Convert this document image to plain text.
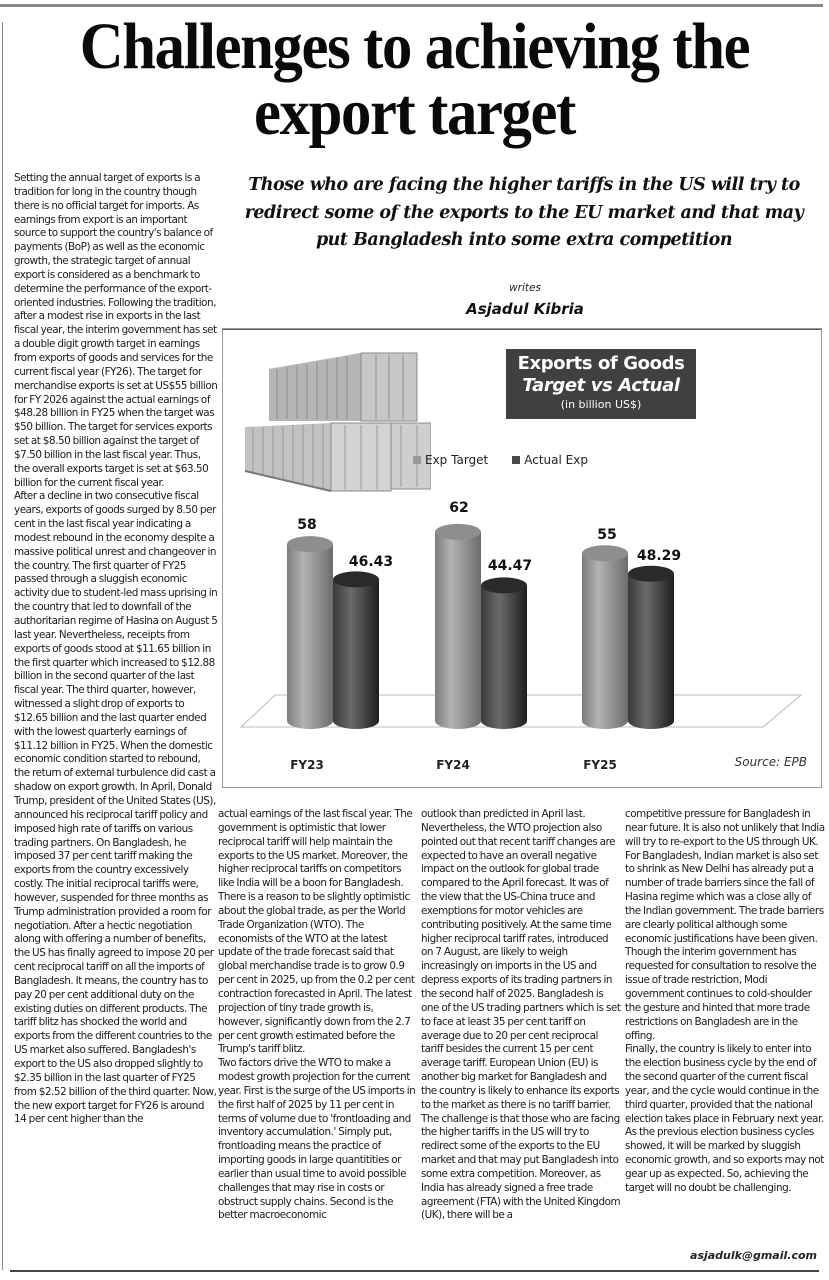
Challenges to achieving the
export target

Setting the annual target of exports is a tradition for long in the country though there is no official target for imports. As earnings from export is an important source to support the country's balance of payments (BoP) as well as the economic growth, the strategic target of annual export is considered as a benchmark to determine the performance of the export-oriented industries. Following the tradition, after a modest rise in exports in the last fiscal year, the interim government has set a double digit growth target in earnings from exports of goods and services for the current fiscal year (FY26). The target for merchandise exports is set at US$55 billion for FY 2026 against the actual earnings of $48.28 billion in FY25 when the target was $50 billion. The target for services exports set at $8.50 billion against the target of $7.50 billion in the last fiscal year. Thus, the overall exports target is set at $63.50 billion for the current fiscal year.

After a decline in two consecutive fiscal years, exports of goods surged by 8.50 per cent in the last fiscal year indicating a modest rebound in the economy despite a massive political unrest and changeover in the country. The first quarter of FY25 passed through a sluggish economic activity due to student-led mass uprising in the country that led to downfall of the authoritarian regime of Hasina on August 5 last year. Nevertheless, receipts from exports of goods stood at $11.65 billion in the first quarter which increased to $12.88 billion in the second quarter of the last fiscal year. The third quarter, however, witnessed a slight drop of exports to $12.65 billion and the last quarter ended with the lowest quarterly earnings of $11.12 billion in FY25. When the domestic economic condition started to rebound, the return of external turbulence did cast a shadow on export growth. In April, Donald Trump, president of the United States (US), announced his reciprocal tariff policy and imposed high rate of tariffs on various trading partners. On Bangladesh, he imposed 37 per cent tariff making the exports from the country excessively costly. The initial reciprocal tariffs were, however, suspended for three months as Trump administration provided a room for negotiation. After a hectic negotiation along with offering a number of benefits, the US has finally agreed to impose 20 per cent reciprocal tariff on all the imports of Bangladesh. It means, the country has to pay 20 per cent additional duty on the existing duties on different products. The tariff blitz has shocked the world and exports from the different countries to the US market also suffered. Bangladesh's export to the US also dropped slightly to $2.35 billion in the last quarter of FY25 from $2.52 billion of the third quarter. Now, the new export target for FY26 is around 14 per cent higher than the

Those who are facing the higher tariffs in the US will try to redirect some of the exports to the EU market and that may put Bangladesh into some extra competition
writes
Asjadul Kibria
Exports of Goods
Target vs Actual
(in billion US$)
Exp Target	Actual Exp
FY23	FY24	FY25
58
46.43
62
44.47
55
48.29
Source: EPB

actual earnings of the last fiscal year. The government is optimistic that lower reciprocal tariff will help maintain the exports to the US market. Moreover, the higher reciprocal tariffs on competitors like India will be a boon for Bangladesh. There is a reason to be slightly optimistic about the global trade, as per the World Trade Organization (WTO). The economists of the WTO at the latest update of the trade forecast said that global merchandise trade is to grow 0.9 per cent in 2025, up from the 0.2 per cent contraction forecasted in April. The latest projection of tiny trade growth is, however, significantly down from the 2.7 per cent growth estimated before the Trump's tariff blitz.

Two factors drive the WTO to make a modest growth projection for the current year. First is the surge of the US imports in the first half of 2025 by 11 per cent in terms of volume due to 'frontloading and inventory accumulation.' Simply put, frontloading means the practice of importing goods in large quantitities or earlier than usual time to avoid possible challenges that may rise in costs or obstruct supply chains. Second is the better macroeconomic

outlook than predicted in April last. Nevertheless, the WTO projection also pointed out that recent tariff changes are expected to have an overall negative impact on the outlook for global trade compared to the April forecast. It was of the view that the US-China truce and exemptions for motor vehicles are contributing positively. At the same time higher reciprocal tariff rates, introduced on 7 August, are likely to weigh increasingly on imports in the US and depress exports of its trading partners in the second half of 2025. Bangladesh is one of the US trading partners which is set to face at least 35 per cent tariff on average due to 20 per cent reciprocal tariff besides the current 15 per cent average tariff. European Union (EU) is another big market for Bangladesh and the country is likely to enhance its exports to the market as there is no tariff barrier. The challenge is that those who are facing the higher tariffs in the US will try to redirect some of the exports to the EU market and that may put Bangladesh into some extra competition. Moreover, as India has already signed a free trade agreement (FTA) with the United Kingdom (UK), there will be a

competitive pressure for Bangladesh in near future. It is also not unlikely that India will try to re-export to the US through UK.

For Bangladesh, Indian market is also set to shrink as New Delhi has already put a number of trade barriers since the fall of Hasina regime which was a close ally of the Indian government. The trade barriers are clearly political although some economic justifications have been given. Though the interim government has requested for consultation to resolve the issue of trade restriction, Modi government continues to cold-shoulder the gesture and hinted that more trade restrictions on Bangladesh are in the offing.

Finally, the country is likely to enter into the election business cycle by the end of the second quarter of the current fiscal year, and the cycle would continue in the third quarter, provided that the national election takes place in February next year. As the previous election business cycles showed, it will be marked by sluggish economic growth, and so exports may not gear up as expected. So, achieving the target will no doubt be challenging.

asjadulk@gmail.com
